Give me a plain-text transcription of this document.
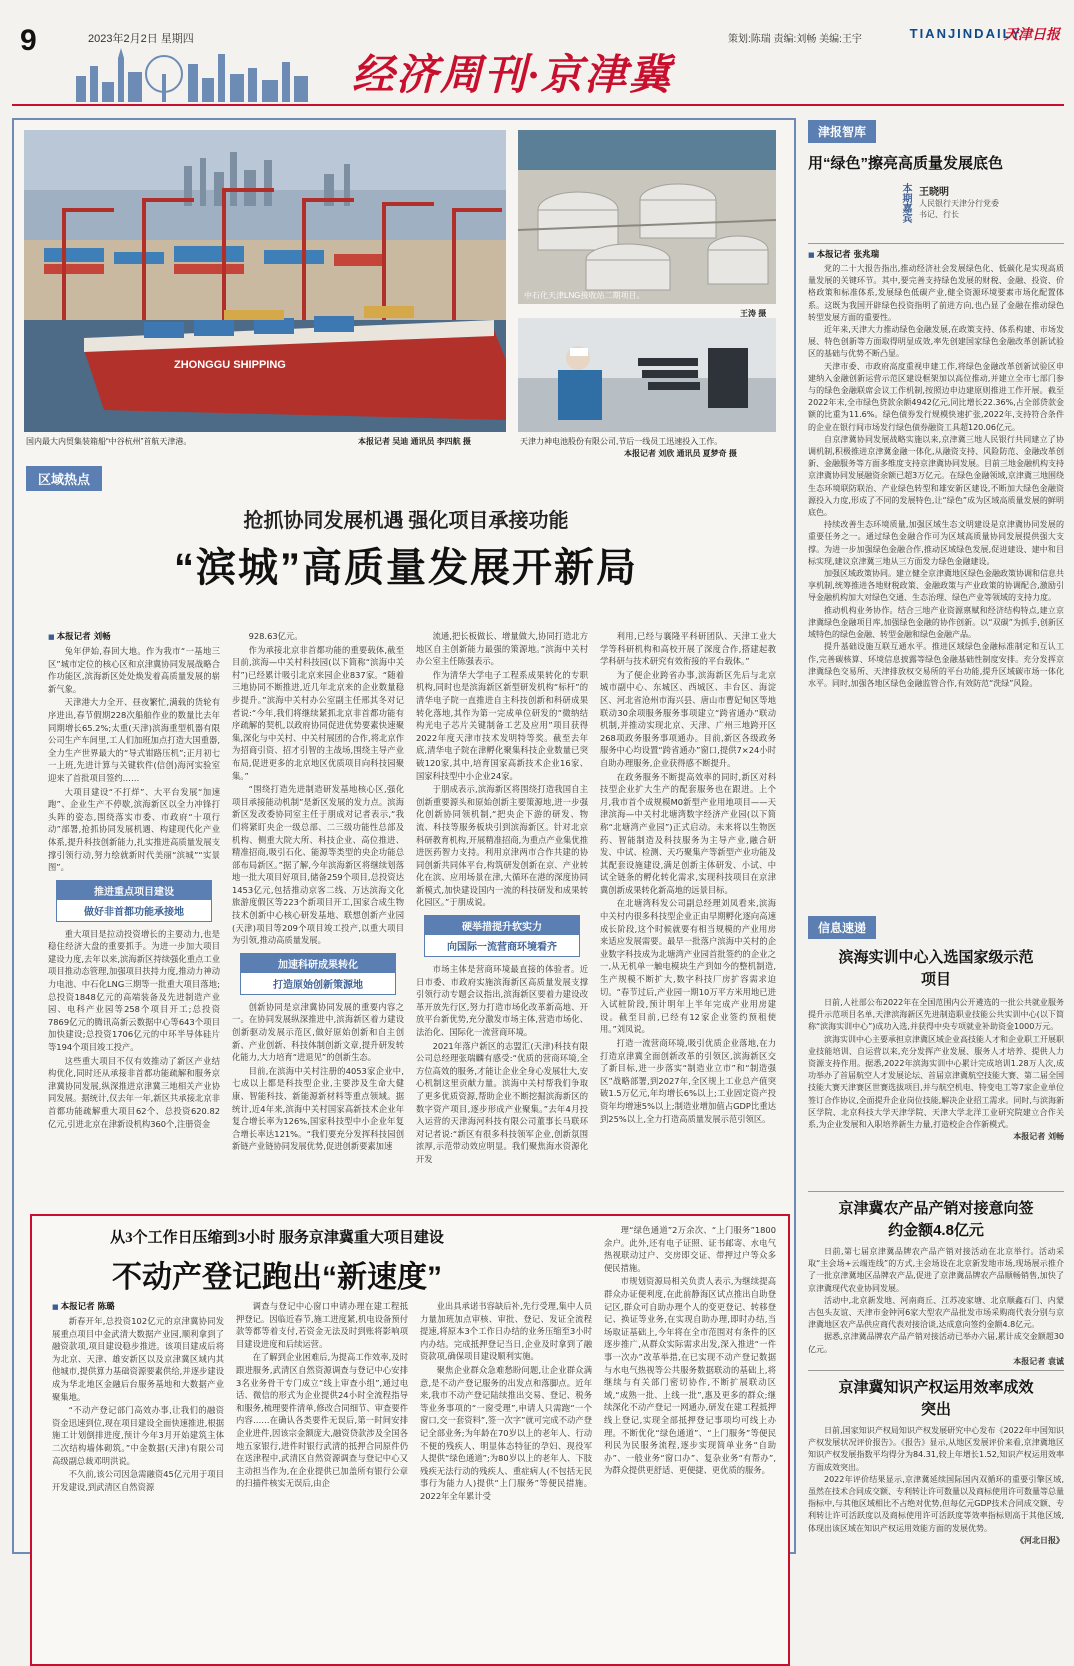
9	2023年2月2日 星期四
经济周刊·京津冀
策划:陈瑞 责编:刘畅 美编:王宇	TIANJINDAILY
天津日报
ZHONGGU SHIPPING
国内最大内贸集装箱船“中谷杭州”首航天津港。	本报记者 吴迪 通讯员 李四航 摄
中石化天津LNG接收站二期项目。
王涛 摄
天津力神电池股份有限公司,节后一线员工迅速投入工作。
本报记者 刘欣 通讯员 夏梦奇 摄
区域热点
抢抓协同发展机遇 强化项目承接功能
“滨城”高质量发展开新局
■ 本报记者 刘畅

兔年伊始,春回大地。作为我市“一基地三区”城市定位的核心区和京津冀协同发展战略合作功能区,滨海新区处处焕发着高质量发展的崭新气象。

天津港大力全开、昼夜繁忙,满载的货轮有序进出,春节假期228次船舶作业的数量比去年同期增长65.2%;太重(天津)滨海重型机器有限公司生产车间里,工人们加班加点打造大国重器,全力生产世界最大的“导式钳路压机”;正月初七一上班,先进计算与关键软件(信创)海河实验室迎来了首批项目签约……

大项目建设“不打烊”、大平台发展“加速跑”、企业生产不停歇,滨海新区以全力冲锋打头阵的姿态,围绕落实市委、市政府“十项行动”部署,抢抓协同发展机遇、构建现代化产业体系,提升科技创新能力,扎实推进高质量发展支撑引领行动,努力绘就新时代美丽“滨城”“实景图”。

推进重点项目建设
做好非首都功能承接地

重大项目是拉动投资增长的主要动力,也是稳住经济大盘的重要抓手。为进一步加大项目建设力度,去年以来,滨海新区持续强化重点工业项目推动态管理,加强项目扶持力度,推动力神动力电池、中石化LNG三期等一批重大项目落地;总投资1848亿元的高端装备及先进制造产业园、电科产业园等258个项目开工;总投资7869亿元的腾讯高新云数据中心等643个项目加快建设;总投资1706亿元的中环半导体硅片等194个项目竣工投产。

这些重大项目不仅有效推动了新区产业结构优化,同时还从承接非首都功能疏解和服务京津冀协同发展,纵深推进京津冀三地相关产业协同发展。据统计,仅去年一年,新区共承接北京非首都功能疏解重大项目62个、总投资620.82亿元,引进北京在津新设机构360个,注册资金

928.63亿元。

作为承接北京非首都功能的重要载体,截至目前,滨海—中关村科技园(以下简称“滨海中关村”)已经累计吸引北京来园企业837家。“随着三地协同不断推进,近几年北京来的企业数量稳步提升。”滨海中关村办公室副主任邢其冬对记者说:“今年,我们将继续紧抓北京非首都功能有序疏解的契机,以政府协同促进优势要素快速聚集,深化与中关村、中关村展团的合作,将北京作为招商引资、招才引智的主战场,围绕主导产业布局,促进更多的北京地区优质项目向科技园聚集。”

“围绕打造先进制造研发基地核心区,强化项目承接能动机制”是新区发展的发力点。滨海新区发改委协同室主任于朋成对记者表示,“我们将紧盯央企一级总部、二三级功能性总部及机构、侧重大院大所、科技企业、高位推进、精准招商,吸引石化、能源等类型的央企功能总部布局新区。”据了解,今年滨海新区将继续划落地一批大项目好项目,储备259个项目,总投资达1453亿元,包括推动京客二线、万达滨海文化旅游度假区等223个新项目开工,国家合成生物技术创新中心核心研发基地、联想创新产业园(天津)项目等209个项目竣工投产,以重大项目为引领,推动高质量发展。

加速科研成果转化
打造原始创新策源地

创新协同是京津冀协同发展的重要内容之一。在协同发展纵深推进中,滨海新区着力建设创新驱动发展示范区,做好原始创新和自主创新、产业创新、科技体制创新文章,提升研发转化能力,大力培育“进退见”的创新生态。

目前,在滨海中关村注册的4053家企业中,七成以上都是科技型企业,主要涉及生命大健康、智能科技、新能源新材料等重点领域。据统计,近4年来,滨海中关村国家高新技术企业年复合增长率为126%,国家科技型中小企业年复合增长率达121%。“我们要充分发挥科技园创新链产业链协同发展优势,促进创新要素加速

流通,把长板做长、增量做大,协同打造北方地区自主创新能力最强的策源地。”滨海中关村办公室主任陈强表示。

作为清华大学电子工程系成果转化的专职机构,同时也是滨海新区新型研发机构“标杆”的清华电子院一直推进自主科技创新和科研成果转化落地,其作为第一完成单位研发的“微纳结构光电子芯片关键制备工艺及应用”项目获得2022年度天津市技术发明特等奖。截至去年底,清华电子院在津孵化聚集科技企业数量已突破120家,其中,培育国家高新技术企业16家、国家科技型中小企业24家。

于朋成表示,滨海新区将围绕打造我国自主创新重要源头和原始创新主要策源地,进一步强化创新协同领机制,“把央企下游的研发、物流、科技等服务板块引到滨海新区。针对北京科研教育机构,开展精准招商,为重点产业集优推进医药智力支持。利用京津两市合作共建的协同创新共同体平台,构筑研发创新在京、产业转化在滨、应用场景在津,大循环在港的深度协同新模式,加快建设国内一流的科技研发和成果转化园区。”于朋成说。

硬举措提升软实力
向国际一流营商环境看齐

市场主体是营商环境最直接的体验者。近日市委、市政府实施滨海新区高质量发展支撑引领行动专题会议指出,滨海新区要着力建设改革开放先行区,努力打造市场化改革新高地、开放平台新优势,充分激发市场主体,营造市场化、法治化、国际化一流营商环境。

2021年落户新区的志盟汇(天津)科技有限公司总经理张瑞麟有感受:“优质的营商环境,全方位高效的服务,才能让企业全身心发展壮大,安心机制这里贡献力量。滨海中关村帮我们争取了更多优质资源,帮助企业不断挖掘滨海新区的数字资产项目,逐步形成产业聚集。”去年4月投入运营的天津海河科技有限公司董事长马联环对记者说:“新区有很多科技领军企业,创新氛围浓厚,示范带动效应明显。我们聚焦海水资源化开发

利用,已经与襄隆平科研团队、天津工业大学等科研机构和高校开展了深度合作,搭建起教学科研与技术研究有效衔接的平台载体。”

为了便企业跨省办事,滨海新区先后与北京城市副中心、东城区、西城区、丰台区、海淀区、河北省沧州市海兴县、唐山市曹妃甸区等地联动30余项服务服务事项建立“跨省通办”联动机制,并推动实现北京、天津、广州三地跨开区268项政务服务事项通办。目前,新区各级政务服务中心均设置“跨省通办”窗口,提供7×24小时自助办理服务,企业获得感不断提升。

在政务服务不断提高效率的同时,新区对科技型企业扩大生产的配套服务也在跟进。上个月,我市首个成规模M0新型产业用地项目——天津滨海—中关村北塘湾数字经济产业园(以下简称“北塘湾产业园”)正式启动。未来将以生物医药、智能制造及科技服务为主导产业,融合研发、中试、检测、天巧聚集产等新型产业功能及其配套设施建设,满足创新主体研发、小试、中试全链条的孵化转化需求,实现科技项目在京津冀创新成果转化新高地的远景目标。

在北塘湾科发公司副总经理刘凤看来,滨海中关村内很多科技型企业正由早期孵化逐向高速成长阶段,这个时候就要有相当规模的产业用房来适应发展需要。最早一批落户滨海中关村的企业数字科技成为北塘湾产业园首批签约的企业之一,从无机单一触电模块生产到如今的整机制造,生产规模不断扩大,数字科技厂房扩容需求迫切。“春节过后,产业园一期10万平方米用地已进入试桩阶段,预计明年上半年完成产业用房建设。截至目前,已经有12家企业签约预租使用。”刘凤说。

打造一流营商环境,吸引优质企业落地,在力打造京津冀全面创新改革的引领区,滨海新区交了新目标,进一步落实“制造业立市”和“制造强区”战略部署,到2027年,全区规上工业总产值突破1.5万亿元,年均增长6%以上;工业固定资产投资年均增速5%以上;制造业增加值占GDP比重达到25%以上,全力打造高质量发展示范引领区。

从3个工作日压缩到3小时 服务京津冀重大项目建设
不动产登记跑出“新速度”
■ 本报记者 陈璐

新春开年,总投资102亿元的京津冀协同发展重点项目中金武清大数据产业园,顺利拿到了融资款项,项目建设稳步推进。该项目建成后将为北京、天津、雄安新区以及京津冀区域内其他城市,提供算力基础资源要素供给,并逐步建设成为华北地区金融后台服务基地和大数据产业聚集地。

“不动产登记部门高效办事,让我们的融资资金迅速到位,现在项目建设全面快速推进,根据施工计划倒排进度,预计今年3月开始建筑主体二次结构墙体砌筑。”中金数据(天津)有限公司高级副总裁邓明洪说。

不久前,该公司因急需融资45亿元用于项目开发建设,到武清区自然资源

调查与登记中心窗口申请办理在建工程抵押登记。因临近春节,施工进度紧,机电设备预付款等都等着支付,若资金无法及时到账将影响项目建设进度和后续运营。

在了解到企业困难后,为提高工作效率,及时跟进服务,武清区自然资源调查与登记中心安排3名业务骨干专门成立“线上审查小组”,通过电话、微信的形式为企业提供24小时全流程指导和服务,梳理要件清单,修改合同细节、审查要件内容……在确认各类要件无误后,第一时间安排企业进件,因该宗金额庞大,融资贷款涉及全国各地五家银行,进件时银行武清的抵押合同原件仍在送津程中,武清区自然资源调查与登记中心又主动担当作为,在企业提供已加盖所有银行公章的扫描件核实无误后,由企

业出具承诺书容缺后补,先行受理,集中人员力量加班加点审核、审批、登记、发证全流程提速,将原本3个工作日办结的业务压缩至3小时内办结。完成抵押登记当日,企业及时拿到了融资款项,确保项目建设顺利实施。

聚焦企业群众急难愁盼问题,让企业群众满意,是不动产登记服务的出发点和落脚点。近年来,我市不动产登记陆续推出交易、登记、税务等业务事项的“一窗受理”,申请人只需跑“一个窗口,交一套资料”,签一次字”就可完成不动产登记全部业务;为年龄在70岁以上的老年人、行动不便的残疾人、明显体态特征的孕妇、现役军人提供“绿色通道”;为80岁以上的老年人、下肢残疾无法行动的残疾人、重症病人(不包括无民事行为能力人)提供“上门服务”等便民措施。2022年全年累计受

理“绿色通道”2万余次、“上门服务”1800余户。此外,还有电子证照、证书邮寄、水电气热视联动过户、交房即交证、带押过户等众多便民措施。

市规划资源局相关负责人表示,为继续提高群众办证便利度,在此前静海区试点推出自助登记区,群众可自助办理个人的变更登记、转移登记、换证等业务,在实现自助办理,即时办结,当场取证基础上,今年将在全市范围对有条件的区逐步推广,从群众实际需求出发,深入推进“一件事一次办”改革举措,在已实现不动产登记数据与水电气热视等公共服务数据联动的基础上,将继续与有关部门密切协作,不断扩展联动区域,“成熟一批、上线一批”,惠及更多的群众;继续深化不动产登记一网通办,研发在建工程抵押线上登记,实现全部抵押登记事项均可线上办理。不断优化“绿色通道”、“上门服务”等便民利民为民服务流程,逐步实现简单业务“自助办”、一般业务“窗口办”、复杂业务“有帮办”,为群众提供更舒适、更便捷、更优质的服务。

津报智库
用“绿色”擦亮高质量发展底色
本期嘉宾 王晓明
人民银行天津分行党委书记、行长
■ 本报记者 张兆瑞

党的二十大报告指出,推动经济社会发展绿色化、低碳化是实现高质量发展的关键环节。其中,要完善支持绿色发展的财税、金融、投资、价格政策和标准体系,发展绿色低碳产业,健全资源环境要素市场化配置体系。这既为我国开辟绿色投资指明了前进方向,也凸显了金融在推动绿色转型发展方面的重要性。

近年来,天津大力推动绿色金融发展,在政策支持、体系构建、市场发展、特色创新等方面取得明显成效,率先创建国家绿色金融改革创新试验区的基础与优势不断凸显。

天津市委、市政府高度重视申建工作,将绿色金融改革创新试验区申建纳入金融创新运营示范区建设框架加以高位推动,并建立全市七部门参与的绿色金融联席会议工作机制,按照边申边建原则推进工作开展。截至2022年末,全市绿色贷款余额4942亿元,同比增长22.36%,占全部贷款金额的比重为11.6%。绿色债券发行规模快速扩张,2022年,支持符合条件的企业在银行间市场发行绿色债券融资工具超120.06亿元。

自京津冀协同发展战略实施以来,京津冀三地人民银行共同建立了协调机制,积极推进京津冀金融一体化,从融资支持、风险防范、金融改革创新、金融服务等方面多维度支持京津冀协同发展。目前三地金融机构支持京津冀协同发展融资余额已超3万亿元。在绿色金融领域,京津冀三地围绕生态环境联防联治、产业绿色转型和雄安新区建设,不断加大绿色金融资源投入力度,形成了不同的发展特色,让“绿色”成为区域高质量发展的鲜明底色。

持续改善生态环境质量,加强区域生态文明建设是京津冀协同发展的重要任务之一。通过绿色金融合作可为区域高质量协同发展提供强大支撑。为进一步加强绿色金融合作,推动区域绿色发展,促进建设、建中和目标实现,建议京津冀三地从三方面发力绿色金融建设。

加强区域政策协同。建立健全京津冀地区绿色金融政策协调和信息共享机制,统筹推进各地财税政策、金融政策与产业政策的协调配合,激励引导金融机构加大对绿色交通、生态治理、绿色产业等领域的支持力度。

推动机构业务协作。结合三地产业资源禀赋和经济结构特点,建立京津冀绿色金融项目库,加强绿色金融的协作创新。以“双碳”为抓手,创新区域特色的绿色金融、转型金融和绿色金融产品。

提升基础设施互联互通水平。推进区域绿色金融标准制定和互认工作,完善碳核算、环境信息披露等绿色金融基础性制度安排。充分发挥京津冀绿色交易所、天津排放权交易所的平台功能,提升区域碳市场一体化水平。同时,加强各地区绿色金融监管合作,有效防范“洗绿”风险。

信息速递
滨海实训中心入选国家级示范项目

日前,人社部公布2022年在全国范围内公开遴选的一批公共就业服务提升示范项目名单,天津滨海新区先进制造职业技能公共实训中心(以下简称“滨海实训中心”)成功入选,并获得中央专项就业补助资金1000万元。

滨海实训中心主要承担京津冀区域企业高技能人才和企业职工开展职业技能培训、自运营以来,充分发挥产业发展、服务人才培养、提供人力资源支持作用。据悉,2022年滨海实训中心累计完成培训1.28万人次,成功举办了首届航空人才发展论坛、首届京津冀航空技能大赛、第二届全国技能大赛天津赛区世赛选拔项目,并与航空机电、特变电工等7家企业单位签订合作协议,全面提升企业岗位技能,解决企业招工需求。同时,与滨海新区学院、北京科技大学天津学院、天津大学北洋工业研究院建立合作关系,为企业发展和入职培养新生力量,打造校企合作新模式。

本报记者 刘畅
京津冀农产品产销对接意向签约金额4.8亿元

日前,第七届京津冀品牌农产品产销对接活动在北京举行。活动采取“主会场+云端连线”的方式,主会场设在北京新发地市场,现场展示推介了一批京津冀地区品牌农产品,促进了京津冀品牌农产品顺畅销售,加快了京津冀现代农业协同发展。

活动中,北京新发地、河南商丘、江苏凌家塘、北京顺鑫石门、内蒙古包头友谊、天津市金钟河6家大型农产品批发市场采购商代表分别与京津冀地区农产品供应商代表对接洽谈,达成意向签约金额4.8亿元。

据悉,京津冀品牌农产品产销对接活动已举办六届,累计成交金额超30亿元。

本报记者 袁诚
京津冀知识产权运用效率成效突出

日前,国家知识产权局知识产权发展研究中心发布《2022年中国知识产权发展状况评价报告》。《报告》显示,从地区发展评价来看,京津冀地区知识产权发展指数平均得分为84.31,较上年增长1.52,知识产权运用效率方面成效突出。

2022年评价结果显示,京津冀延续国际国内双循环的重要引擎区域,虽然在技术合同成交额、专利转让许可数量以及商标使用许可数量等总量指标中,与其他区域相比不占绝对优势,但每亿元GDP技术合同成交额、专利转让许可活跃度以及商标使用许可活跃度等效率指标则高于其他区域,体现出该区域在知识产权运用效能方面的发展优势。

《河北日报》
